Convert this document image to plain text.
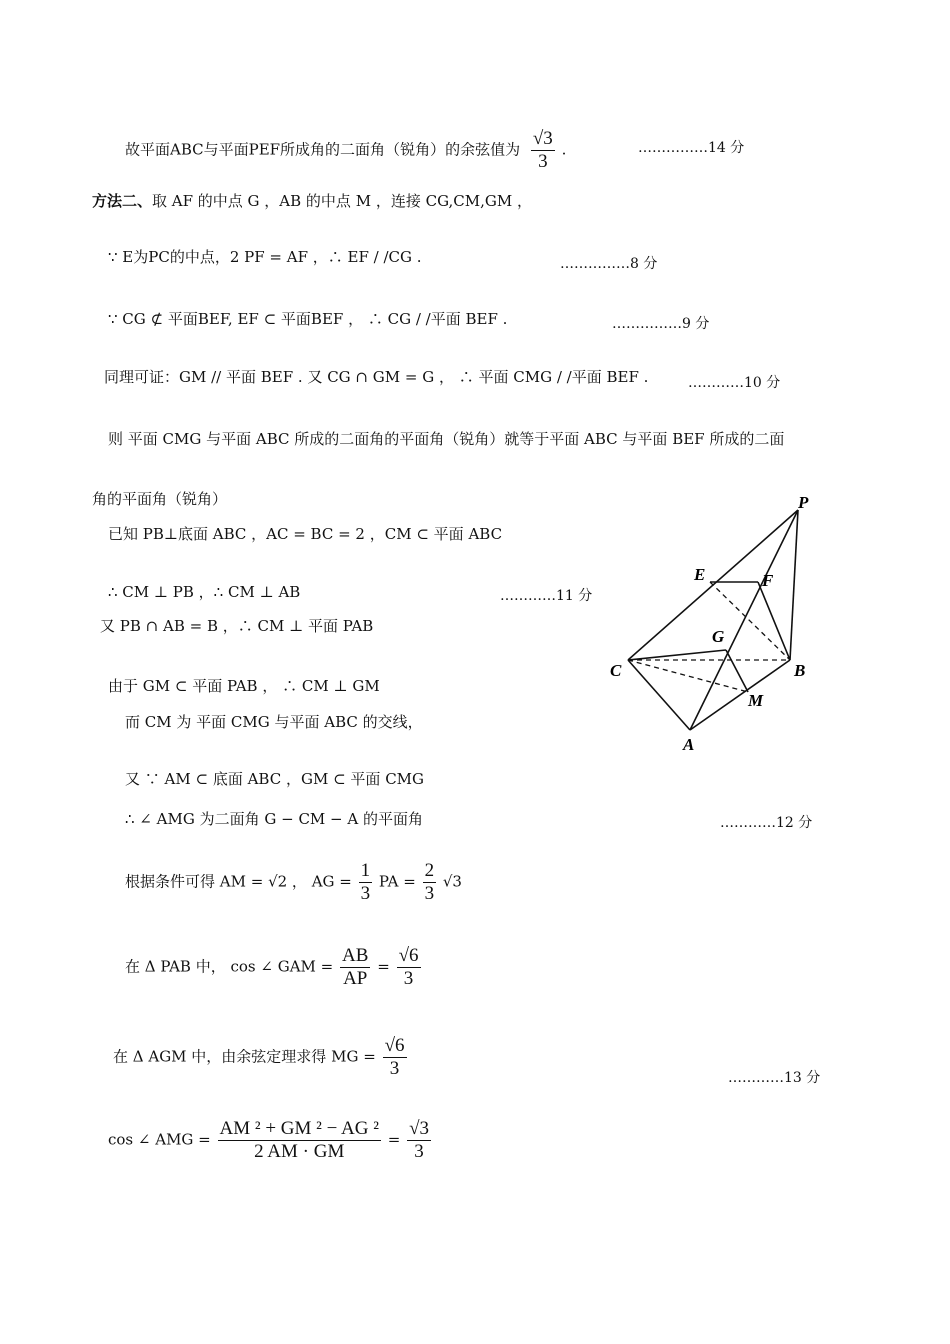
故平面ABC与平面PEF所成角的二面角（锐角）的余弦值为 $\frac{√3}{3}$ .	……………14 分
方法二、取 AF 的中点 G ，AB 的中点 M ，连接 CG,CM,GM ，
∵ E为PC的中点，2 PF = AF ，∴ EF / /CG .	……………8 分
∵ CG ⊄ 平面BEF, EF ⊂ 平面BEF ， ∴ CG / /平面 BEF .	……………9 分
同理可证：GM // 平面 BEF . 又 CG ∩ GM = G ， ∴ 平面 CMG / /平面 BEF .	…………10 分
则 平面 CMG 与平面 ABC 所成的二面角的平面角（锐角）就等于平面 ABC 与平面 BEF 所成的二面
角的平面角（锐角）
已知 PB⊥底面 ABC ，AC = BC = 2 ，CM ⊂ 平面 ABC
∴ CM ⊥ PB ，∴ CM ⊥ AB	…………11 分
又 PB ∩ AB = B ，∴ CM ⊥ 平面 PAB
由于 GM ⊂ 平面 PAB ， ∴ CM ⊥ GM
而 CM 为 平面 CMG 与平面 ABC 的交线，
又 ∵ AM ⊂ 底面 ABC ，GM ⊂ 平面 CMG
∴ ∠ AMG 为二面角 G − CM − A 的平面角	…………12 分
根据条件可得 AM = √2 ， AG = $\frac{1}{3}$ PA = $\frac{2}{3} √3$
在 Δ PAB 中， cos ∠ GAM = $\frac{AB}{AP} = \frac{√6}{3}$
在 Δ AGM 中，由余弦定理求得 MG = $\frac{√6}{3}$	…………13 分
cos ∠ AMG = $\frac{\text{AM ² + GM ² − AG ²}}{2 AM \cdot GM} = \frac{√3}{3}$
P
E	F
G
C	B
M
A
